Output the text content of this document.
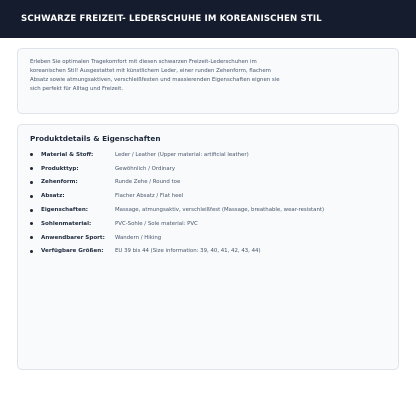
SCHWARZE FREIZEIT- LEDERSCHUHE IM KOREANISCHEN STIL

Erleben Sie optimalen Tragekomfort mit diesen schwarzen Freizeit-Lederschuhen im koreanischen Stil! Ausgestattet mit künstlichem Leder, einer runden Zehenform, flachem Absatz sowie atmungsaktiven, verschleißfesten und massierenden Eigenschaften eignen sie sich perfekt für Alltag und Freizeit.

Produktdetails & Eigenschaften
Material & Stoff:	Leder / Leather (Upper material: artificial leather)
Produkttyp:	Gewöhnlich / Ordinary
Zehenform:	Runde Zehe / Round toe
Absatz:	Flacher Absatz / Flat heel
Eigenschaften:	Massage, atmungsaktiv, verschleißfest (Massage, breathable, wear-resistant)
Sohlenmaterial:	PVC-Sohle / Sole material: PVC
Anwendbarer Sport:	Wandern / Hiking
Verfügbare Größen:	EU 39 bis 44 (Size information: 39, 40, 41, 42, 43, 44)
